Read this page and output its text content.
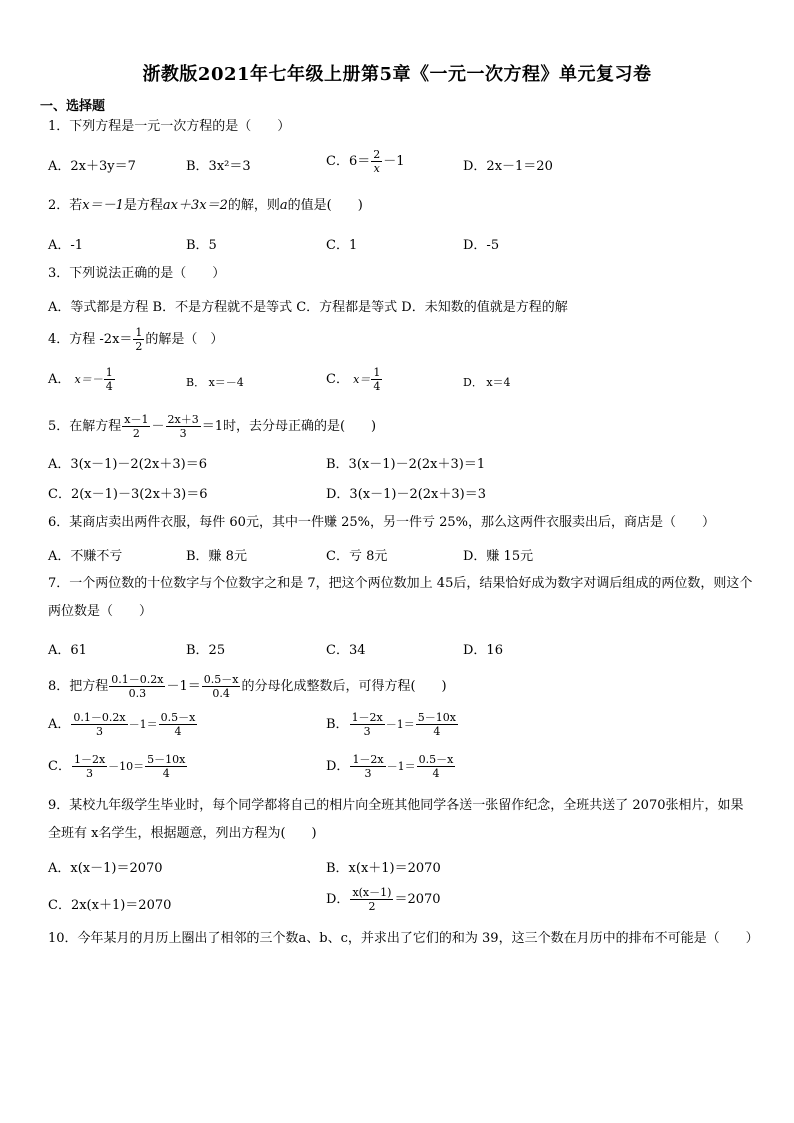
浙教版2021年七年级上册第5章《一元一次方程》单元复习卷
一、选择题
1．下列方程是一元一次方程的是（　　）
A．2x＋3y＝7	B．3x²＝3	C．$6= \frac{2}{x} -1$	D．2x－1＝20
2．若x＝－1是方程ax＋3x＝2的解，则a的值是(　　)
A．-1	B．5	C．1	D．-5
3．下列说法正确的是（　　）
A．等式都是方程 B．不是方程就不是等式 C．方程都是等式 D．未知数的值就是方程的解
4．方程 $-2x= \frac{1}{2}$ 的解是（　）
A． $x=- \frac{1}{4}$	B． x＝－4	C． $x= \frac{1}{4}$	D． x＝4
5．在解方程 $\frac{x-1}{2} - \frac{2x+3}{3} =1$时，去分母正确的是(　　)
A．3(x－1)－2(2x＋3)＝6	B．3(x－1)－2(2x＋3)＝1
C．2(x－1)－3(2x＋3)＝6	D．3(x－1)－2(2x＋3)＝3
6．某商店卖出两件衣服，每件 60元，其中一件赚 25%，另一件亏 25%，那么这两件衣服卖出后，商店是（　　）
A．不赚不亏	B．赚 8元	C．亏 8元	D．赚 15元
7．一个两位数的十位数字与个位数字之和是 7，把这个两位数加上 45后，结果恰好成为数字对调后组成的两位数，则这个两位数是（　　）
A．61	B．25	C．34	D．16
8．把方程 $\frac{0.1-0.2x}{0.3} -1= \frac{0.5-x}{0.4}$ 的分母化成整数后，可得方程(　　)
A． $\frac{0.1-0.2x}{3} -1= \frac{0.5-x}{4}$	B． $\frac{1-2x}{3} -1= \frac{5-10x}{4}$
C． $\frac{1-2x}{3} -10= \frac{5-10x}{4}$	D． $\frac{1-2x}{3} -1= \frac{0.5-x}{4}$
9．某校九年级学生毕业时，每个同学都将自己的相片向全班其他同学各送一张留作纪念，全班共送了 2070张相片，如果全班有 x名学生，根据题意，列出方程为(　　)
A．x(x－1)＝2070	B．x(x＋1)＝2070
C．2x(x＋1)＝2070	D． $\frac{x(x-1)}{2} =2070$
10．今年某月的月历上圈出了相邻的三个数a、b、c，并求出了它们的和为 39，这三个数在月历中的排布不可能是（　　）
